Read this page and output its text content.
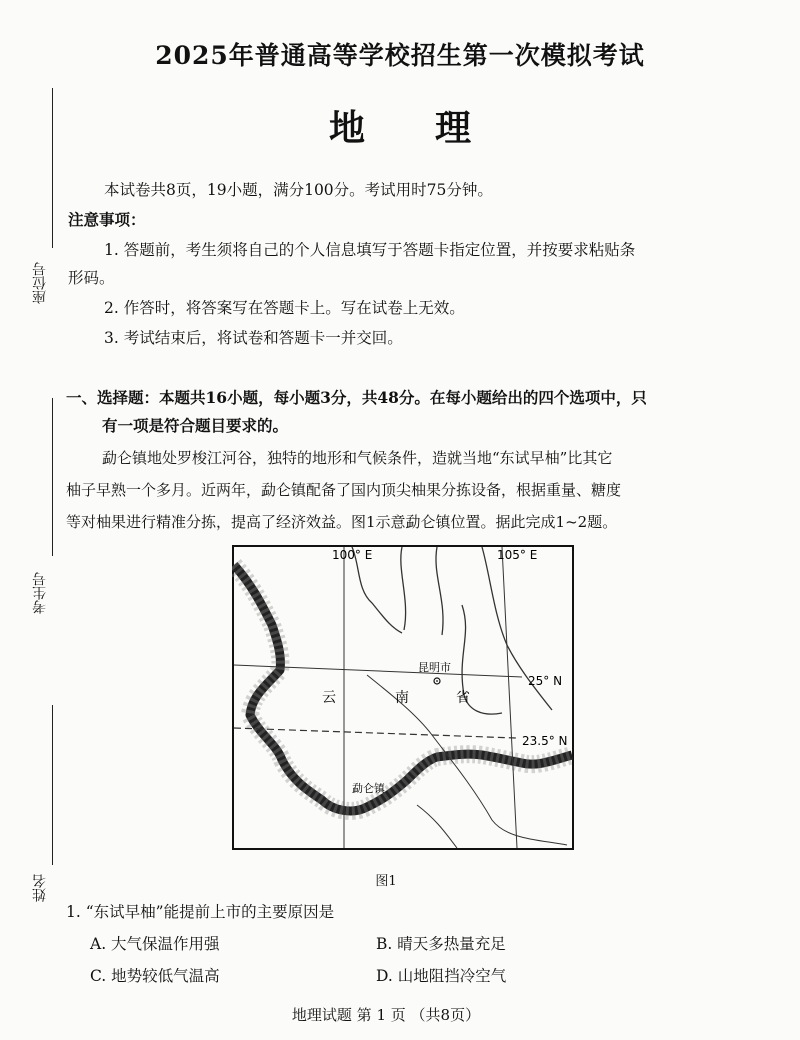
2025年普通高等学校招生第一次模拟考试
地 理
座位号
考生号
姓名
本试卷共8页，19小题，满分100分。考试用时75分钟。
注意事项：
1. 答题前，考生须将自己的个人信息填写于答题卡指定位置，并按要求粘贴条
形码。
2. 作答时，将答案写在答题卡上。写在试卷上无效。
3. 考试结束后，将试卷和答题卡一并交回。
一、选择题：本题共16小题，每小题3分，共48分。在每小题给出的四个选项中，只
有一项是符合题目要求的。
勐仑镇地处罗梭江河谷，独特的地形和气候条件，造就当地“东试早柚”比其它
柚子早熟一个多月。近两年，勐仑镇配备了国内顶尖柚果分拣设备，根据重量、糖度
等对柚果进行精准分拣，提高了经济效益。图1示意勐仑镇位置。据此完成1~2题。
100° E	105° E
25° N
23.5° N
昆明市
云	南	省
勐仑镇
图1
1. “东试早柚”能提前上市的主要原因是
A. 大气保温作用强	B. 晴天多热量充足
C. 地势较低气温高	D. 山地阻挡冷空气
地理试题 第 1 页 （共8页）
